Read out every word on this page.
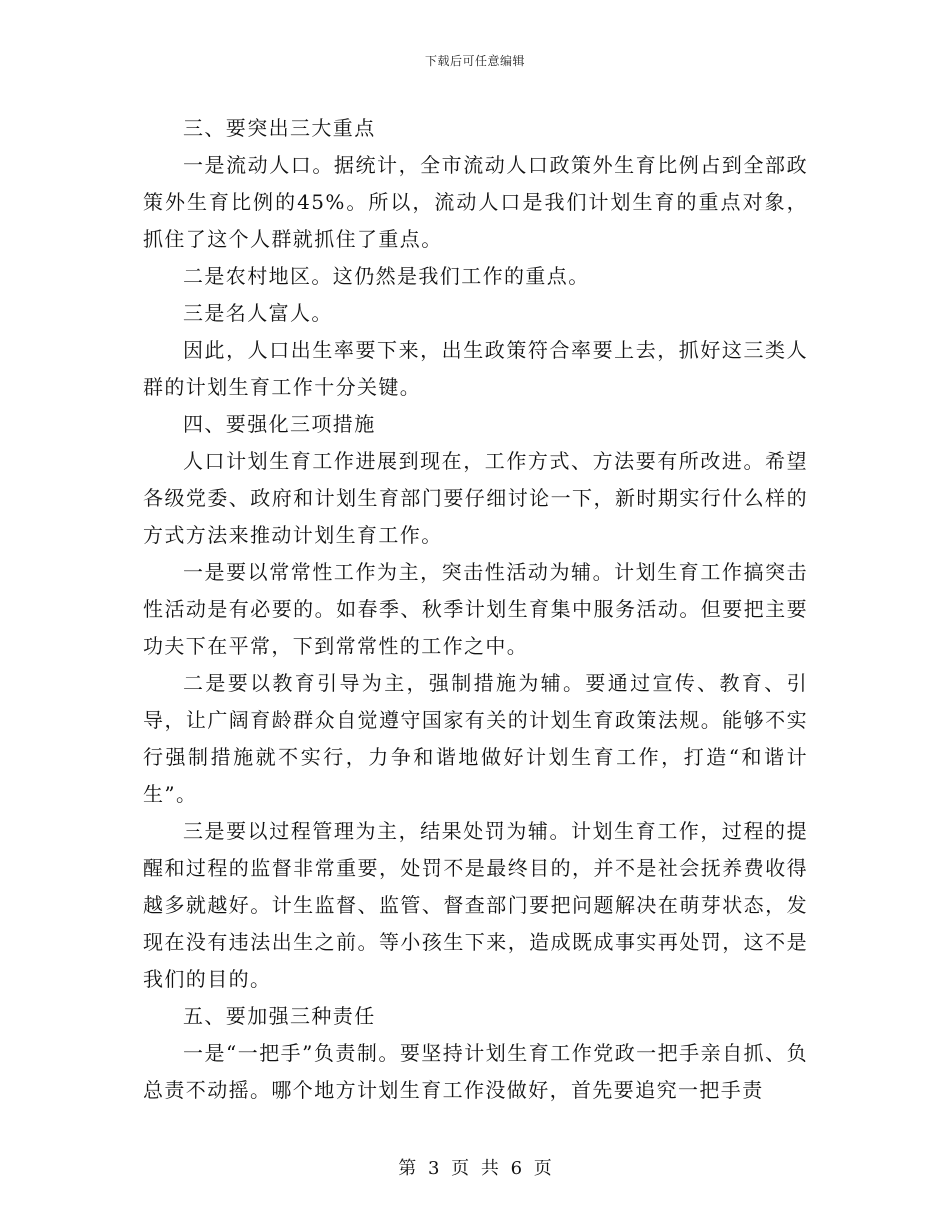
下载后可任意编辑

三、要突出三大重点

一是流动人口。据统计，全市流动人口政策外生育比例占到全部政策外生育比例的45%。所以，流动人口是我们计划生育的重点对象，抓住了这个人群就抓住了重点。

二是农村地区。这仍然是我们工作的重点。

三是名人富人。

因此，人口出生率要下来，出生政策符合率要上去，抓好这三类人群的计划生育工作十分关键。

四、要强化三项措施

人口计划生育工作进展到现在，工作方式、方法要有所改进。希望各级党委、政府和计划生育部门要仔细讨论一下，新时期实行什么样的方式方法来推动计划生育工作。

一是要以常常性工作为主，突击性活动为辅。计划生育工作搞突击性活动是有必要的。如春季、秋季计划生育集中服务活动。但要把主要功夫下在平常，下到常常性的工作之中。

二是要以教育引导为主，强制措施为辅。要通过宣传、教育、引导，让广阔育龄群众自觉遵守国家有关的计划生育政策法规。能够不实行强制措施就不实行，力争和谐地做好计划生育工作，打造“和谐计生”。

三是要以过程管理为主，结果处罚为辅。计划生育工作，过程的提醒和过程的监督非常重要，处罚不是最终目的，并不是社会抚养费收得越多就越好。计生监督、监管、督查部门要把问题解决在萌芽状态，发现在没有违法出生之前。等小孩生下来，造成既成事实再处罚，这不是我们的目的。

五、要加强三种责任

一是“一把手”负责制。要坚持计划生育工作党政一把手亲自抓、负总责不动摇。哪个地方计划生育工作没做好，首先要追究一把手责

第 3 页 共 6 页
